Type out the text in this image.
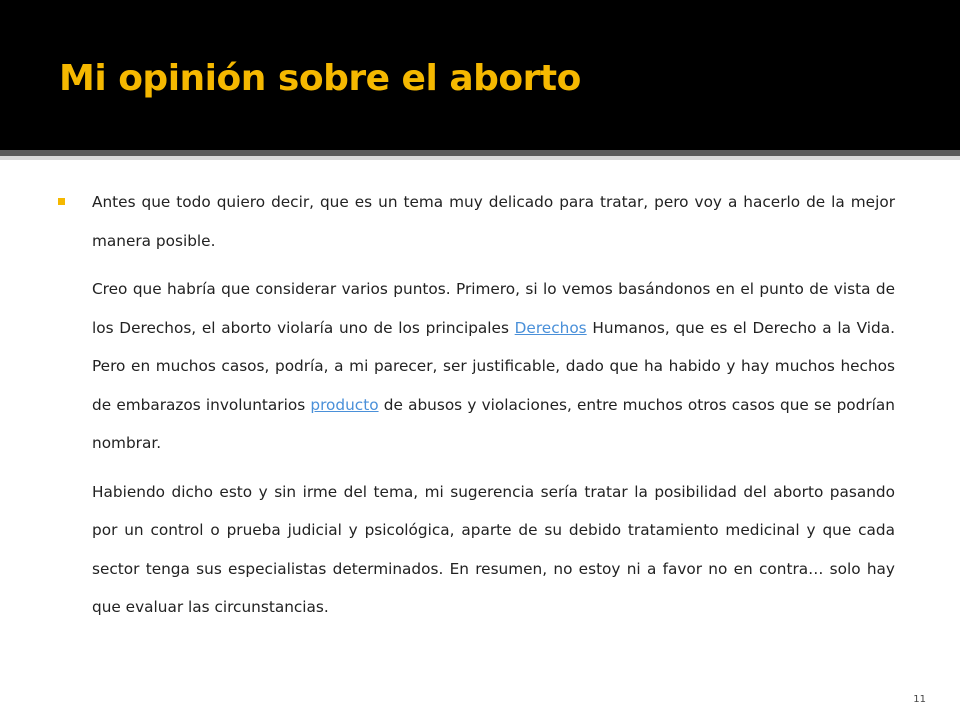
Mi opinión sobre el aborto

Antes que todo quiero decir, que es un tema muy delicado para tratar, pero voy a hacerlo de la mejor manera posible.

Creo que habría que considerar varios puntos. Primero, si lo vemos basándonos en el punto de vista de los Derechos, el aborto violaría uno de los principales Derechos Humanos, que es el Derecho a la Vida. Pero en muchos casos, podría, a mi parecer, ser justificable, dado que ha habido y hay muchos hechos de embarazos involuntarios producto de abusos y violaciones, entre muchos otros casos que se podrían nombrar.

Habiendo dicho esto y sin irme del tema, mi sugerencia sería tratar la posibilidad del aborto pasando por un control o prueba judicial y psicológica, aparte de su debido tratamiento medicinal y que cada sector tenga sus especialistas determinados. En resumen, no estoy ni a favor no en contra… solo hay que evaluar las circunstancias.

11
